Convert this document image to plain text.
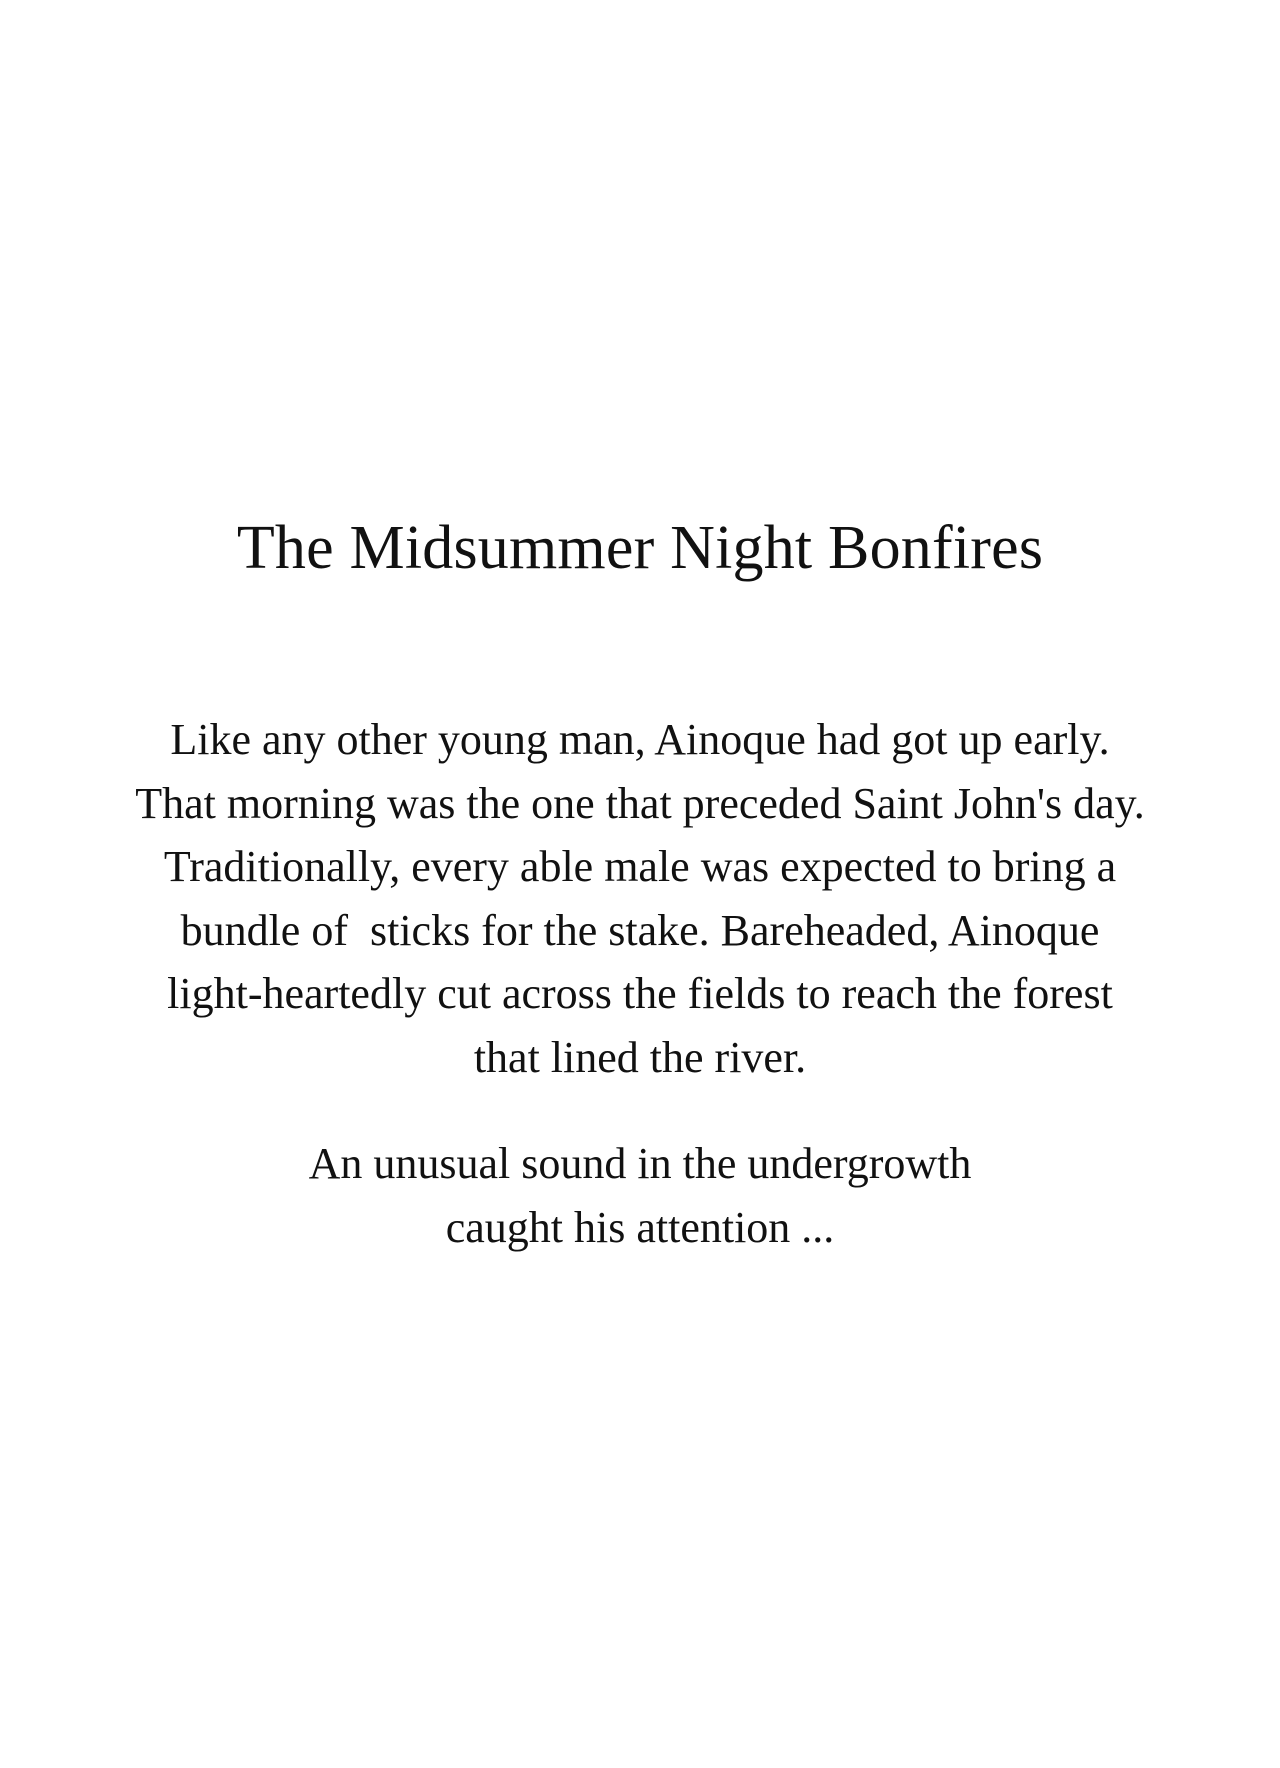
The Midsummer Night Bonfires

Like any other young man, Ainoque had got up early.
That morning was the one that preceded Saint John's day.
Traditionally, every able male was expected to bring a
bundle of  sticks for the stake. Bareheaded, Ainoque
light-heartedly cut across the fields to reach the forest
that lined the river.

An unusual sound in the undergrowth
caught his attention ...
